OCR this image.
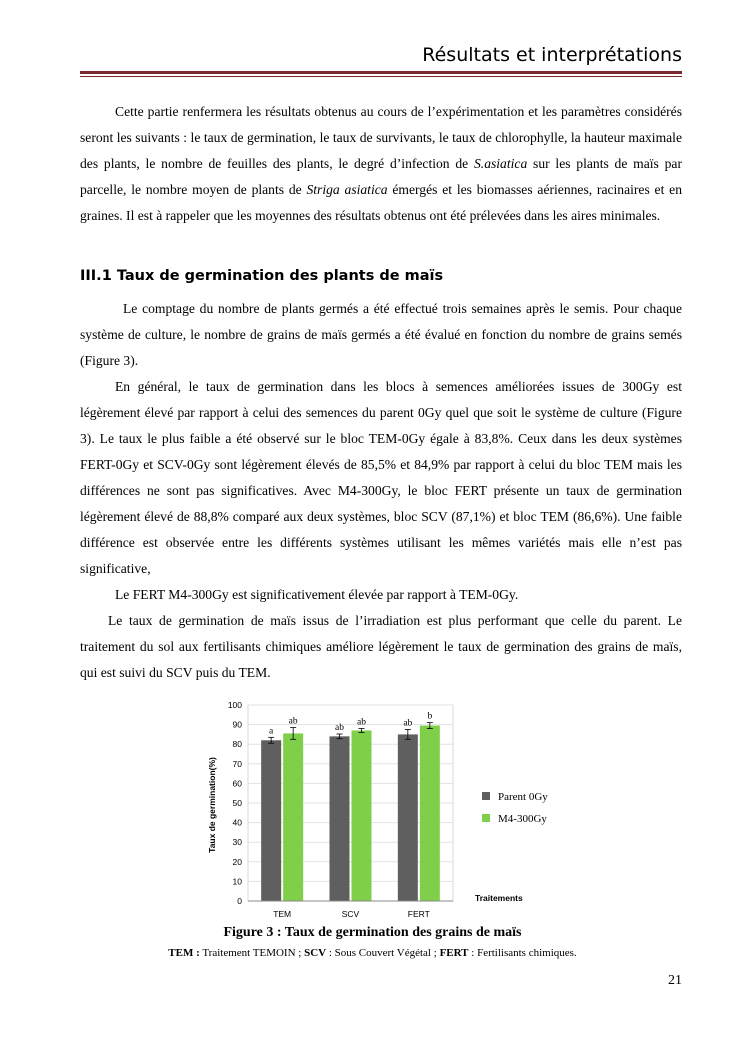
Résultats et interprétations

Cette partie renfermera les résultats obtenus au cours de l’expérimentation et les paramètres considérés seront les suivants : le taux de germination, le taux de survivants, le taux de chlorophylle, la hauteur maximale des plants, le nombre de feuilles des plants, le degré d’infection de S.asiatica sur les plants de maïs par parcelle, le nombre moyen de plants de Striga asiatica émergés et les biomasses aériennes, racinaires et en graines. Il est à rappeler que les moyennes des résultats obtenus ont été prélevées dans les aires minimales.

III.1 Taux de germination des plants de maïs

Le comptage du nombre de plants germés a été effectué trois semaines après le semis. Pour chaque système de culture, le nombre de grains de maïs germés a été évalué en fonction du nombre de grains semés (Figure 3).

En général, le taux de germination dans les blocs à semences améliorées issues de 300Gy est légèrement élevé par rapport à celui des semences du parent 0Gy quel que soit le système de culture (Figure 3). Le taux le plus faible a été observé sur le bloc TEM-0Gy égale à 83,8%. Ceux dans les deux systèmes FERT-0Gy et SCV-0Gy sont légèrement élevés de 85,5% et 84,9% par rapport à celui du bloc TEM mais les différences ne sont pas significatives. Avec M4-300Gy, le bloc FERT présente un taux de germination légèrement élevé de 88,8% comparé aux deux systèmes, bloc SCV (87,1%) et bloc TEM (86,6%). Une faible différence est observée entre les différents systèmes utilisant les mêmes variétés mais elle n’est pas significative,

Le FERT M4-300Gy est significativement élevée par rapport à TEM-0Gy.

Le taux de germination de maïs issus de l’irradiation est plus performant que celle du parent. Le traitement du sol aux fertilisants chimiques améliore légèrement le taux de germination des grains de maïs, qui est suivi du SCV puis du TEM.

a
ab
ab
ab	ab
b
0
10
20
30
40
50
60
70
80
90
100
TEM	SCV	FERT
Taux de germination(%)
Traitements
Parent 0Gy
M4-300Gy

Figure 3 : Taux de germination des grains de maïs

TEM : Traitement TEMOIN ; SCV : Sous Couvert Végétal ; FERT : Fertilisants chimiques.

21
